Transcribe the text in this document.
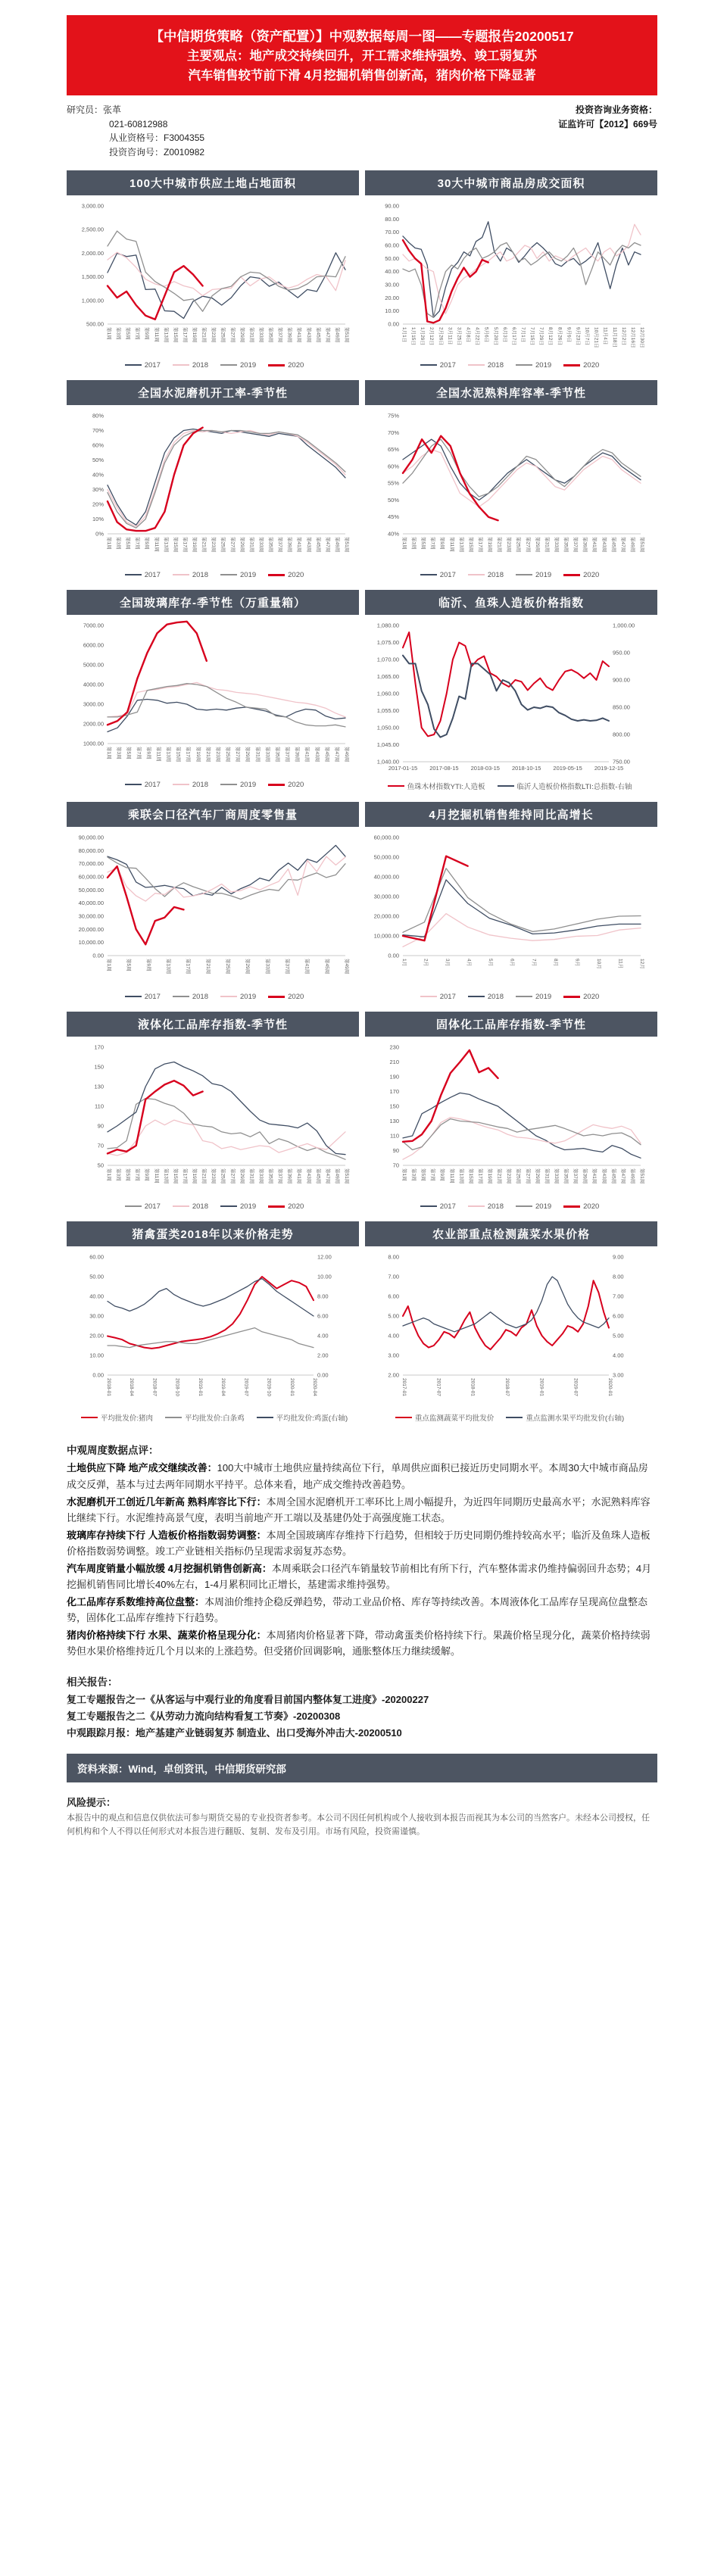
【中信期货策略（资产配置）】中观数据每周一图——专题报告20200517
主要观点：地产成交持续回升，开工需求维持强势、竣工弱复苏
汽车销售较节前下滑 4月挖掘机销售创新高，猪肉价格下降显著
研究员：张革
021-60812988
从业资格号：F3004355
投资咨询号：Z0010982
投资咨询业务资格：
证监许可【2012】669号
100大中城市供应土地占地面积	30大中城市商品房成交面积
3,000.00
2,500.00
2,000.00
1,500.00
1,000.00
500.00
第1周 第3周 第5周 第7周 第9周 第11周 第13周 第15周 第17周 第19周 第21周 第23周 第25周 第27周 第29周 第31周 第33周 第35周 第37周 第39周 第41周 第43周 第45周 第47周 第49周 第51周
2017	2018	2019	2020
90.00
80.00
70.00
60.00
50.00
40.00
30.00
20.00
10.00
0.00
1月1日 1月15日 1月29日 2月12日 2月26日 3月11日 3月25日 4月8日 4月22日 5月6日 5月20日 6月3日 6月17日 7月1日 7月15日 7月29日 8月12日 8月26日 9月9日 9月23日 10月7日 10月21日 11月4日 11月18日 12月2日 12月16日 12月30日
2017	2018	2019	2020
全国水泥磨机开工率-季节性	全国水泥熟料库容率-季节性
80%
70%
60%
50%
40%
30%
20%
10%
0%
第1周 第3周 第5周 第7周 第9周 第11周 第13周 第15周 第17周 第19周 第21周 第23周 第25周 第27周 第29周 第31周 第33周 第35周 第37周 第39周 第41周 第43周 第45周 第47周 第49周 第51周
2017	2018	2019	2020
75%
70%
65%
60%
55%
50%
45%
40%
第1周 第3周 第5周 第7周 第9周 第11周 第13周 第15周 第17周 第19周 第21周 第23周 第25周 第27周 第29周 第31周 第33周 第35周 第37周 第39周 第41周 第43周 第45周 第47周 第49周 第51周
2017	2018	2019	2020
全国玻璃库存-季节性（万重量箱）	临沂、鱼珠人造板价格指数
7000.00
6000.00
5000.00
4000.00
3000.00
2000.00
1000.00
第1周 第3周 第5周 第7周 第9周 第11周 第13周 第15周 第17周 第19周 第21周 第23周 第25周 第27周 第29周 第31周 第33周 第35周 第37周 第39周 第41周 第43周 第45周 第47周 第49周
2017	2018	2019	2020
1,080.00
1,075.00
1,070.00
1,065.00
1,060.00
1,055.00
1,050.00
1,045.00
1,040.00
1,000.00
950.00
900.00
850.00
800.00
750.00
2017-01-15 2017-08-15 2018-03-15 2018-10-15 2019-05-15 2019-12-15
鱼珠木材指数YTI:人造板	临沂人造板价格指数LTI:总指数-右轴
乘联会口径汽车厂商周度零售量	4月挖掘机销售维持同比高增长
90,000.00
80,000.00
70,000.00
60,000.00
50,000.00
40,000.00
30,000.00
20,000.00
10,000.00
0.00
第1周	第5周	第9周	第13周	第17周	第21周	第25周	第29周	第33周	第37周	第41周	第45周	第49周
2017	2018	2019	2020
60,000.00
50,000.00
40,000.00
30,000.00
20,000.00
10,000.00
0.00
1月	2月	3月	4月	5月	6月	7月	8月	9月	10月	11月	12月
2017	2018	2019	2020
液体化工品库存指数-季节性	固体化工品库存指数-季节性
170
150
130
110
90
70
50
第1周 第3周 第5周 第7周 第9周 第11周 第13周 第15周 第17周 第19周 第21周 第23周 第25周 第27周 第29周 第31周 第33周 第35周 第37周 第39周 第41周 第43周 第45周 第47周 第49周 第51周
2017	2018	2019	2020
230
210
190
170
150
130
110
90
70
第1周 第3周 第5周 第7周 第9周 第11周 第13周 第15周 第17周 第19周 第21周 第23周 第25周 第27周 第29周 第31周 第33周 第35周 第37周 第39周 第41周 第43周 第45周 第47周 第49周 第51周
2017	2018	2019	2020
猪禽蛋类2018年以来价格走势	农业部重点检测蔬菜水果价格
60.00
50.00
40.00
30.00
20.00
10.00
0.00
12.00
10.00
8.00
6.00
4.00
2.00
0.00
2018-01	2018-04	2018-07	2018-10	2019-01	2019-04	2019-07	2019-10	2020-01	2020-04
平均批发价:猪肉	平均批发价:白条鸡	平均批发价:鸡蛋(右轴)
8.00
7.00
6.00
5.00
4.00
3.00
2.00
9.00
8.00
7.00
6.00
5.00
4.00
3.00
2017-01	2017-07	2018-01	2018-07	2019-01	2019-07	2020-01
重点监测蔬菜平均批发价	重点监测水果平均批发价(右轴)
中观周度数据点评：

土地供应下降 地产成交继续改善：100大中城市土地供应量持续高位下行，单周供应面积已接近历史同期水平。本周30大中城市商品房成交反弹，基本与过去两年同期水平持平。总体来看，地产成交维持改善趋势。

水泥磨机开工创近几年新高 熟料库容比下行：本周全国水泥磨机开工率环比上周小幅提升，为近四年同期历史最高水平；水泥熟料库容比继续下行。水泥维持高景气度，表明当前地产开工端以及基建仍处于高强度施工状态。

玻璃库存持续下行 人造板价格指数弱势调整：本周全国玻璃库存维持下行趋势，但相较于历史同期仍维持较高水平；临沂及鱼珠人造板价格指数弱势调整。竣工产业链相关指标仍呈现需求弱复苏态势。

汽车周度销量小幅放缓 4月挖掘机销售创新高：本周乘联会口径汽车销量较节前相比有所下行，汽车整体需求仍维持偏弱回升态势；4月挖掘机销售同比增长40%左右，1-4月累积同比正增长，基建需求维持强势。

化工品库存系数维持高位盘整：本周油价维持企稳反弹趋势，带动工业品价格、库存等持续改善。本周液体化工品库存呈现高位盘整态势，固体化工品库存维持下行趋势。

猪肉价格持续下行 水果、蔬菜价格呈现分化：本周猪肉价格显著下降，带动禽蛋类价格持续下行。果蔬价格呈现分化，蔬菜价格持续弱势但水果价格维持近几个月以来的上涨趋势。但受猪价回调影响，通胀整体压力继续缓解。

相关报告：
复工专题报告之一《从客运与中观行业的角度看目前国内整体复工进度》-20200227
复工专题报告之二《从劳动力流向结构看复工节奏》-20200308
中观跟踪月报：地产基建产业链弱复苏 制造业、出口受海外冲击大-20200510
资料来源：Wind，卓创资讯，中信期货研究部
风险提示：
本报告中的观点和信息仅供依法可参与期货交易的专业投资者参考。本公司不因任何机构或个人接收到本报告而视其为本公司的当然客户。未经本公司授权，任何机构和个人不得以任何形式对本报告进行翻版、复制、发布及引用。市场有风险，投资需谨慎。
